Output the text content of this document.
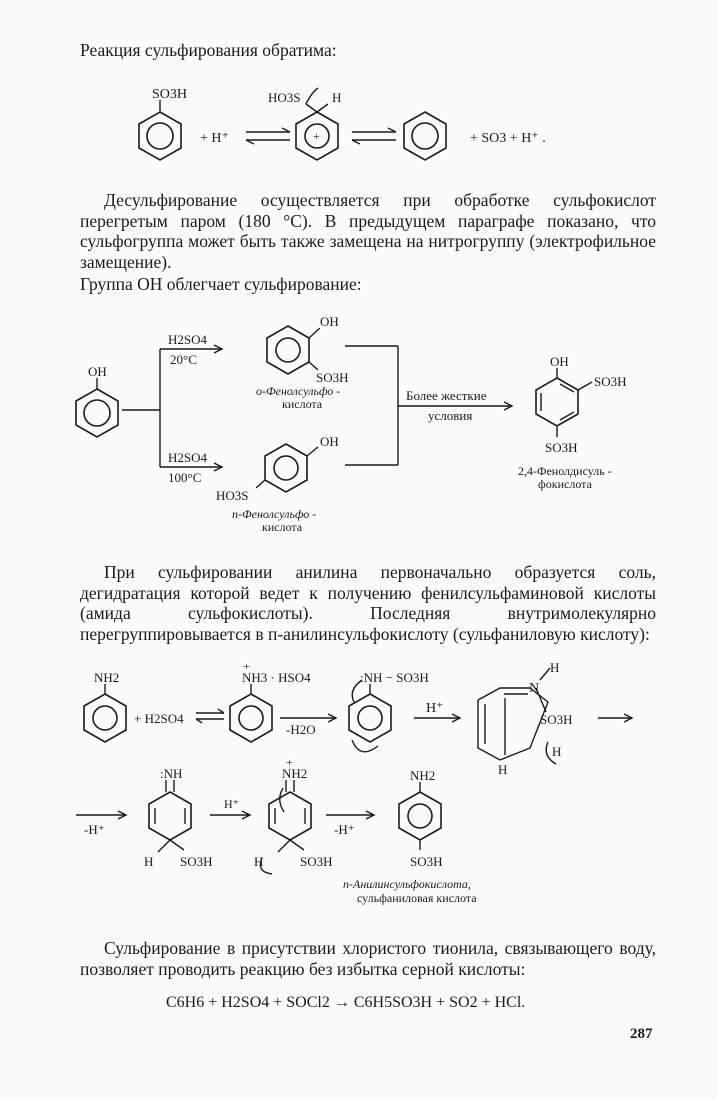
Реакция сульфирования обратима:

SO3H
+ H⁺	+
HO3S H
+ SO3 + H⁺ .
OH
H2SO4
20°C
H2SO4
100°C
OH
SO3H
о-Фенолсульфо -
кислота
OH
HO3S
п-Фенолсульфо -
кислота
Более жесткие
условия
OH
SO3H
SO3H
2,4-Фенолдисуль -
фокислота
NH2
+ H2SO4
+
NH3 · HSO4
-H2O
:NH − SO3H
H⁺
N
H
SO3H
H
H
-H⁺
:NH
H SO3H
H⁺
+
NH2
H	SO3H
-H⁺
NH2
SO3H
п-Анилинсульфокислота,
сульфаниловая кислота

Десульфирование осуществляется при обработке сульфокислот перегретым паром (180 °C). В предыдущем параграфе показано, что сульфогруппа может быть также замещена на нитрогруппу (электрофильное замещение).

Группа OH облегчает сульфирование:

При сульфировании анилина первоначально образуется соль, дегидратация которой ведет к получению фенилсульфаминовой кислоты (амида сульфокислоты). Последняя внутримолекулярно перегруппировывается в п-анилинсульфокислоту (сульфаниловую кислоту):

Сульфирование в присутствии хлористого тионила, связывающего воду, позволяет проводить реакцию без избытка серной кислоты:

C6H6 + H2SO4 + SOCl2 → C6H5SO3H + SO2 + HCl.

287
